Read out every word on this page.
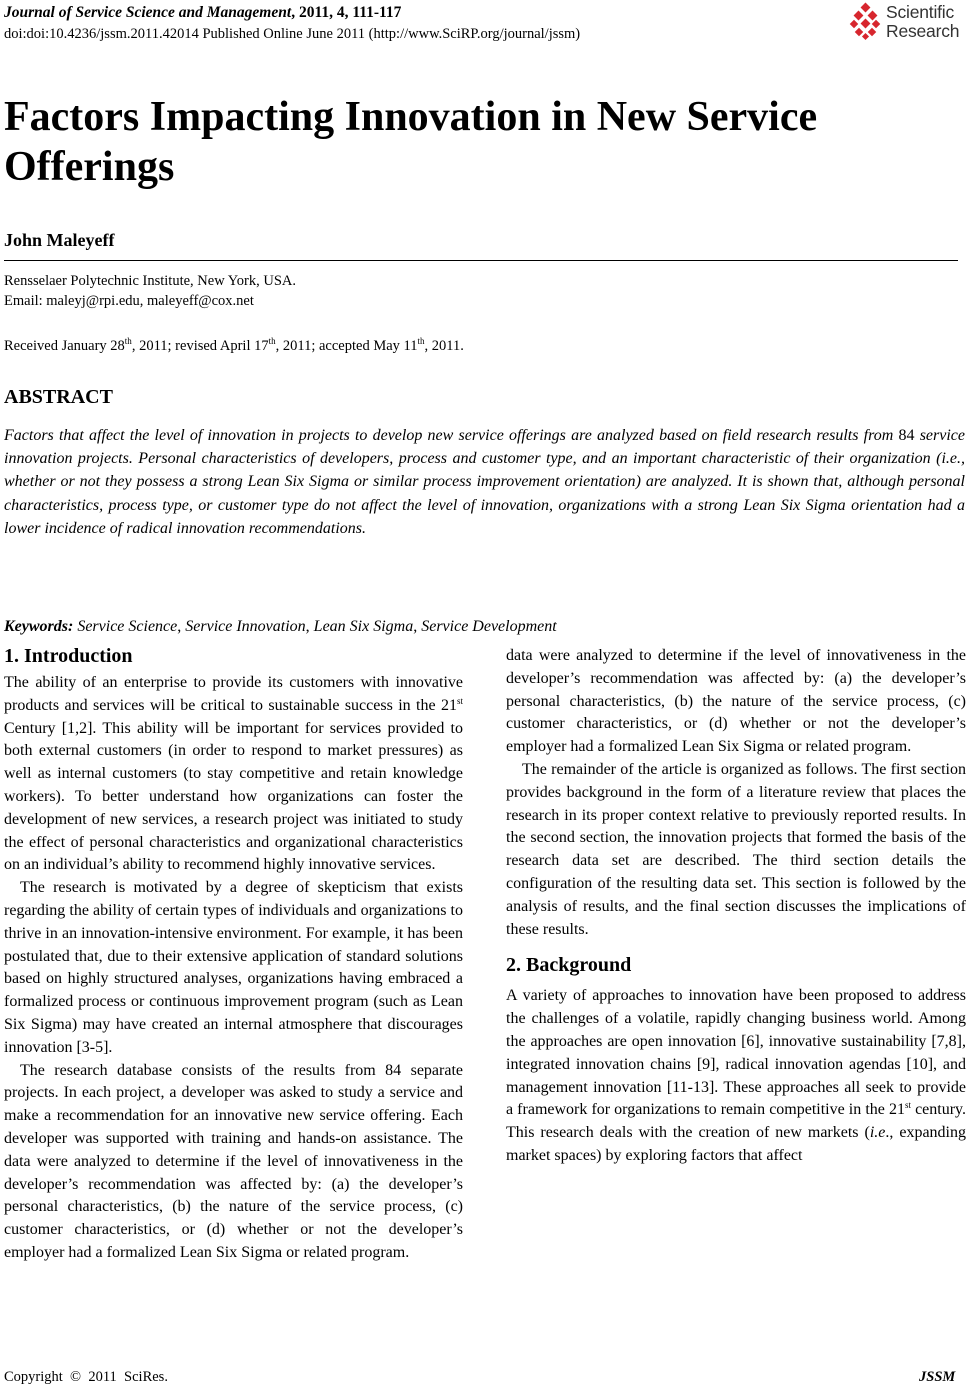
Journal of Service Science and Management, 2011, 4, 111-117
doi:doi:10.4236/jssm.2011.42014 Published Online June 2011 (http://www.SciRP.org/journal/jssm)
Scientific
Research
Factors Impacting Innovation in New Service Offerings
John Maleyeff
Rensselaer Polytechnic Institute, New York, USA.
Email: maleyj@rpi.edu, maleyeff@cox.net
Received January 28th, 2011; revised April 17th, 2011; accepted May 11th, 2011.
ABSTRACT

Factors that affect the level of innovation in projects to develop new service offerings are analyzed based on field research results from 84 service innovation projects. Personal characteristics of developers, process and customer type, and an important characteristic of their organization (i.e., whether or not they possess a strong Lean Six Sigma or similar process improvement orientation) are analyzed. It is shown that, although personal characteristics, process type, or customer type do not affect the level of innovation, organizations with a strong Lean Six Sigma orientation had a lower incidence of radical innovation recommendations.

Keywords: Service Science, Service Innovation, Lean Six Sigma, Service Development
1. Introduction

The ability of an enterprise to provide its customers with innovative products and services will be critical to sustainable success in the 21st Century [1,2]. This ability will be important for services provided to both external customers (in order to respond to market pressures) as well as internal customers (to stay competitive and retain knowledge workers). To better understand how organizations can foster the development of new services, a research project was initiated to study the effect of personal characteristics and organizational characteristics on an individual’s ability to recommend highly innovative services.

The research is motivated by a degree of skepticism that exists regarding the ability of certain types of individuals and organizations to thrive in an innovation-intensive environment. For example, it has been postulated that, due to their extensive application of standard solutions based on highly structured analyses, organizations having embraced a formalized process or continuous improvement program (such as Lean Six Sigma) may have created an internal atmosphere that discourages innovation [3-5].

The research database consists of the results from 84 separate projects. In each project, a developer was asked to study a service and make a recommendation for an innovative new service offering. Each developer was supported with training and hands-on assistance. The data were analyzed to determine if the level of innovativeness in the developer’s recommendation was affected by: (a) the developer’s personal characteristics, (b) the nature of the service process, (c) customer characteristics, or (d) whether or not the developer’s employer had a formalized Lean Six Sigma or related program.

data were analyzed to determine if the level of innovativeness in the developer’s recommendation was affected by: (a) the developer’s personal characteristics, (b) the nature of the service process, (c) customer characteristics, or (d) whether or not the developer’s employer had a formalized Lean Six Sigma or related program.

The remainder of the article is organized as follows. The first section provides background in the form of a literature review that places the research in its proper context relative to previously reported results. In the second section, the innovation projects that formed the basis of the research data set are described. The third section details the configuration of the resulting data set. This section is followed by the analysis of results, and the final section discusses the implications of these results.

2. Background

A variety of approaches to innovation have been proposed to address the challenges of a volatile, rapidly changing business world. Among the approaches are open innovation [6], innovative sustainability [7,8], integrated innovation chains [9], radical innovation agendas [10], and management innovation [11-13]. These approaches all seek to provide a framework for organizations to remain competitive in the 21st century. This research deals with the creation of new markets (i.e., expanding market spaces) by exploring factors that affect

Copyright  ©  2011  SciRes.	JSSM
